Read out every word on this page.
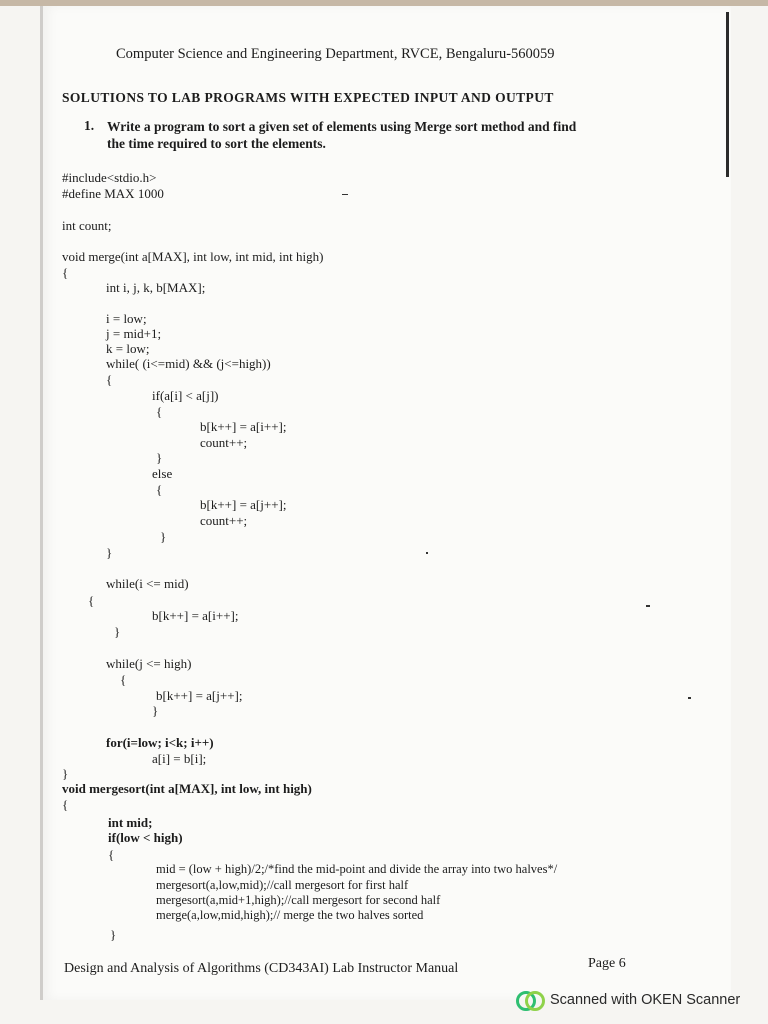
Computer Science and Engineering Department, RVCE, Bengaluru-560059
SOLUTIONS TO LAB PROGRAMS WITH EXPECTED INPUT AND OUTPUT
1. Write a program to sort a given set of elements using Merge sort method and find
the time required to sort the elements.
#include<stdio.h>
#define MAX 1000
int count;
void merge(int a[MAX], int low, int mid, int high)
{
int i, j, k, b[MAX];
i = low;
j = mid+1;
k = low;
while( (i<=mid) && (j<=high))
{
if(a[i] < a[j])
{
b[k++] = a[i++];
count++;
}
else
{
b[k++] = a[j++];
count++;
}
}
while(i <= mid)
{
b[k++] = a[i++];
}
while(j <= high)
{
b[k++] = a[j++];
}
for(i=low; i<k; i++)
a[i] = b[i];
}
void mergesort(int a[MAX], int low, int high)
{
int mid;
if(low < high)
{
mid = (low + high)/2;/*find the mid-point and divide the array into two halves*/
mergesort(a,low,mid);//call mergesort for first half
mergesort(a,mid+1,high);//call mergesort for second half
merge(a,low,mid,high);// merge the two halves sorted
}
Design and Analysis of Algorithms (CD343AI) Lab Instructor Manual	Page 6
Scanned with OKEN Scanner
